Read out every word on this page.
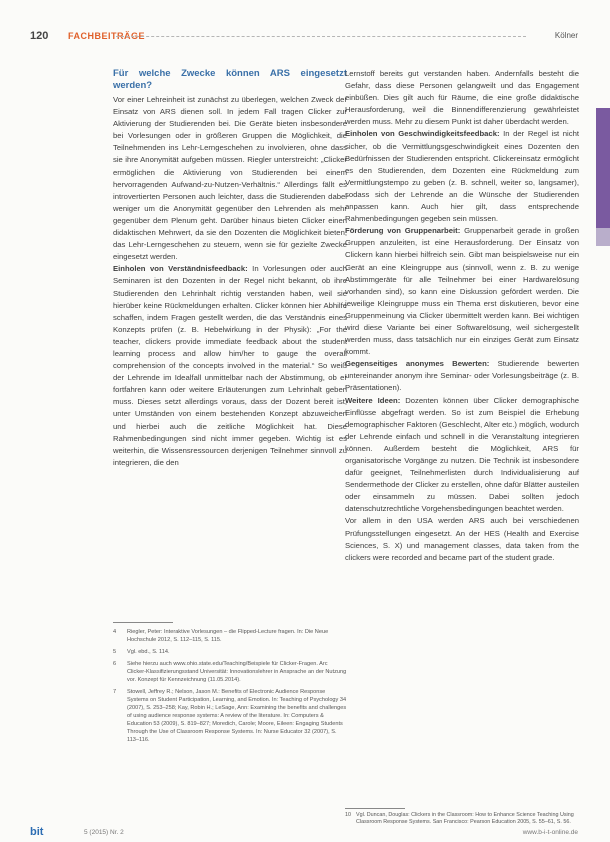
120 FACHBEITRÄGE	Kölner

Für welche Zwecke können ARS eingesetzt werden?

Vor einer Lehreinheit ist zunächst zu überlegen, welchen Zweck der Einsatz von ARS dienen soll. In jedem Fall tragen Clicker zur Aktivierung der Studierenden bei. Die Geräte bieten insbesondere bei Vorlesungen oder in größeren Gruppen die Möglichkeit, die Teilnehmenden ins Lehr-Lerngeschehen zu involvieren, ohne dass sie ihre Anonymität aufgeben müssen. Riegler unterstreicht: „Clicker ermöglichen die Aktivierung von Studierenden bei einem hervorragenden Aufwand-zu-Nutzen-Verhältnis.“ Allerdings fällt es introvertierten Personen auch leichter, dass die Studierenden dabei weniger um die Anonymität gegenüber den Lehrenden als mehr gegenüber dem Plenum geht. Darüber hinaus bieten Clicker einen didaktischen Mehrwert, da sie den Dozenten die Möglichkeit bieten, das Lehr-Lerngeschehen zu steuern, wenn sie für gezielte Zwecke eingesetzt werden.

Einholen von Verständnisfeedback: In Vorlesungen oder auch Seminaren ist den Dozenten in der Regel nicht bekannt, ob ihre Studierenden den Lehrinhalt richtig verstanden haben, weil sie hierüber keine Rückmeldungen erhalten. Clicker können hier Abhilfe schaffen, indem Fragen gestellt werden, die das Verständnis eines Konzepts prüfen (z. B. Hebelwirkung in der Physik): „For the teacher, clickers provide immediate feedback about the student learning process and allow him/her to gauge the overall comprehension of the concepts involved in the material.“ So weiß der Lehrende im Idealfall unmittelbar nach der Abstimmung, ob er fortfahren kann oder weitere Erläuterungen zum Lehrinhalt geben muss. Dieses setzt allerdings voraus, dass der Dozent bereit ist, unter Umständen von einem bestehenden Konzept abzuweichen und hierbei auch die zeitliche Möglichkeit hat. Diese Rahmenbedingungen sind nicht immer gegeben. Wichtig ist es weiterhin, die Wissensressourcen derjenigen Teilnehmer sinnvoll zu integrieren, die den

4	Riegler, Peter: Interaktive Vorlesungen – die Flipped-Lecture fragen. In: Die Neue Hochschule 2012, S. 112–115, S. 115.
5	Vgl. ebd., S. 114.
6	Siehe hierzu auch www.ohio.state.edu/Teaching/Beispiele für Clicker-Fragen. Arc Clicker-Klassifizierungsstand Universität: Innovationslehrer in Ansprache an der Nutzung vor. Konzept für Kennzeichnung (11.05.2014).
7	Stowell, Jeffrey R.; Nelson, Jason M.: Benefits of Electronic Audience Response Systems on Student Participation, Learning, and Emotion. In: Teaching of Psychology 34 (2007), S. 253–258; Kay, Robin H.; LeSage, Ann: Examining the benefits and challenges of using audience response systems: A review of the literature. In: Computers & Education 53 (2009), S. 819–827; Moredich, Carole; Moore, Eileen: Engaging Students Through the Use of Classroom Response Systems. In: Nurse Educator 32 (2007), S. 113–116.

Lernstoff bereits gut verstanden haben. Andernfalls besteht die Gefahr, dass diese Personen gelangweilt und das Engagement einbüßen. Dies gilt auch für Räume, die eine große didaktische Herausforderung, weil die Binnendifferenzierung gewährleistet werden muss. Mehr zu diesem Punkt ist daher überdacht werden.

Einholen von Geschwindigkeitsfeedback: In der Regel ist nicht sicher, ob die Vermittlungsgeschwindigkeit eines Dozenten den Bedürfnissen der Studierenden entspricht. Clickereinsatz ermöglicht es den Studierenden, dem Dozenten eine Rückmeldung zum Vermittlungstempo zu geben (z. B. schnell, weiter so, langsamer), sodass sich der Lehrende an die Wünsche der Studierenden anpassen kann. Auch hier gilt, dass entsprechende Rahmenbedingungen gegeben sein müssen.

Förderung von Gruppenarbeit: Gruppenarbeit gerade in großen Gruppen anzuleiten, ist eine Herausforderung. Der Einsatz von Clickern kann hierbei hilfreich sein. Gibt man beispielsweise nur ein Gerät an eine Kleingruppe aus (sinnvoll, wenn z. B. zu wenige Abstimmgeräte für alle Teilnehmer bei einer Hardwarelösung vorhanden sind), so kann eine Diskussion gefördert werden. Die jeweilige Kleingruppe muss ein Thema erst diskutieren, bevor eine Gruppenmeinung via Clicker übermittelt werden kann. Bei wichtigen wird diese Variante bei einer Softwarelösung, weil sichergestellt werden muss, dass tatsächlich nur ein einziges Gerät zum Einsatz kommt.

Gegenseitiges anonymes Bewerten: Studierende bewerten untereinander anonym ihre Seminar- oder Vorlesungsbeiträge (z. B. Präsentationen).

Weitere Ideen: Dozenten können über Clicker demographische Einflüsse abgefragt werden. So ist zum Beispiel die Erhebung demographischer Faktoren (Geschlecht, Alter etc.) möglich, wodurch der Lehrende einfach und schnell in die Veranstaltung integrieren können. Außerdem besteht die Möglichkeit, ARS für organisatorische Vorgänge zu nutzen. Die Technik ist insbesondere dafür geeignet, Teilnehmerlisten durch Individualisierung auf Sendermethode der Clicker zu erstellen, ohne dafür Blätter austeilen oder einsammeln zu müssen. Dabei sollten jedoch datenschutzrechtliche Vorgehensbedingungen beachtet werden.

Vor allem in den USA werden ARS auch bei verschiedenen Prüfungsstellungen eingesetzt. An der HES (Health and Exercise Sciences, S. X) und management classes, data taken from the clickers were recorded and became part of the student grade.

10 Vgl. Duncan, Douglas: Clickers in the Classroom: How to Enhance Science Teaching Using Classroom Response Systems. San Francisco: Pearson Education 2005, S. 55–61, S. 56.
bit	5 (2015) Nr. 2	www.b-i-t-online.de
